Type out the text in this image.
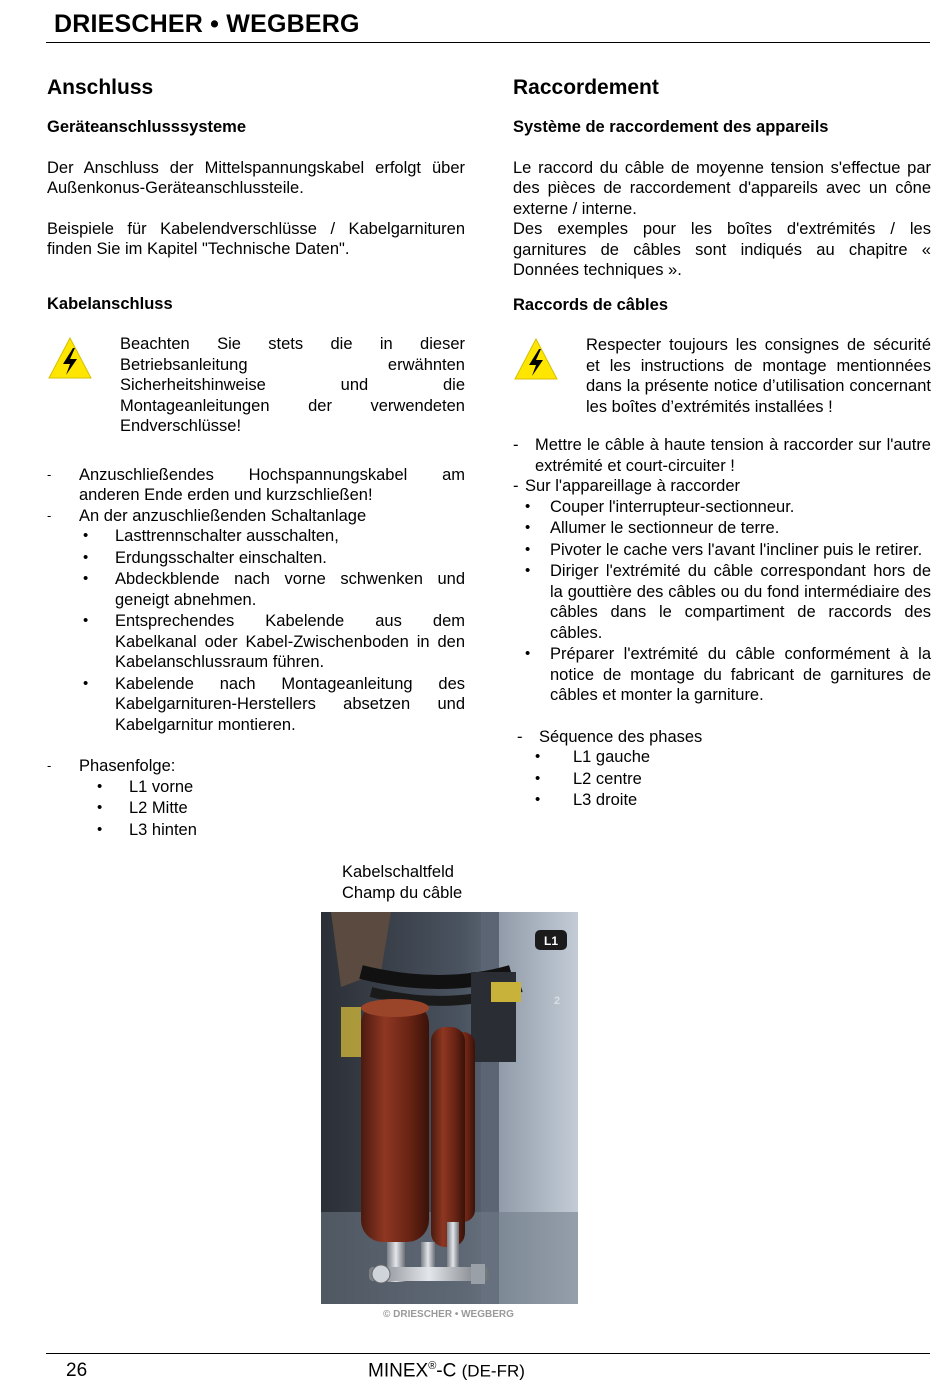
DRIESCHER • WEGBERG
Anschluss
Geräteanschlusssysteme
Der Anschluss der Mittelspannungskabel erfolgt über Außenkonus-Geräteanschlussteile.
Beispiele für Kabelendverschlüsse / Kabelgarnituren finden Sie im Kapitel "Technische Daten".
Kabelanschluss
Beachten Sie stets die in dieser Betriebsanleitung erwähnten Sicherheitshinweise und die Montageanleitungen der verwendeten Endverschlüsse!
-	Anzuschließendes Hochspannungskabel am anderen Ende erden und kurzschließen!
-	An der anzuschließenden Schaltanlage
•	Lasttrennschalter ausschalten,
•	Erdungsschalter einschalten.
•	Abdeckblende nach vorne schwenken und geneigt abnehmen.
•	Entsprechendes Kabelende aus dem Kabelkanal oder Kabel-Zwischenboden in den Kabelanschlussraum führen.
•	Kabelende nach Montageanleitung des Kabelgarnituren-Herstellers absetzen und Kabelgarnitur montieren.
-	Phasenfolge:
•	L1 vorne
•	L2 Mitte
•	L3 hinten
Raccordement
Système de raccordement des appareils
Le raccord du câble de moyenne tension s'effectue par des pièces de raccordement d'appareils avec un cône externe / interne.
Des exemples pour les boîtes d'extrémités / les garnitures de câbles sont indiqués au chapitre « Données techniques ».
Raccords de câbles
Respecter toujours les consignes de sécurité et les instructions de montage mentionnées dans la présente notice d’utilisation concernant les boîtes d’extrémités installées !
-	Mettre le câble à haute tension à raccorder sur l'autre extrémité et court-circuiter !
- Sur l'appareillage à raccorder
•	Couper l'interrupteur-sectionneur.
•	Allumer le sectionneur de terre.
•	Pivoter le cache vers l'avant l'incliner puis le retirer.
•	Diriger l'extrémité du câble correspondant hors de la gouttière des câbles ou du fond intermédiaire des câbles dans le compartiment de raccords des câbles.
•	Préparer l'extrémité du câble conformément à la notice de montage du fabricant de garnitures de câbles et monter la garniture.
-	Séquence des phases
•	L1 gauche
•	L2 centre
•	L3 droite
Kabelschaltfeld
Champ du câble
L1
2
© DRIESCHER • WEGBERG
26	MINEX®-C (DE-FR)
